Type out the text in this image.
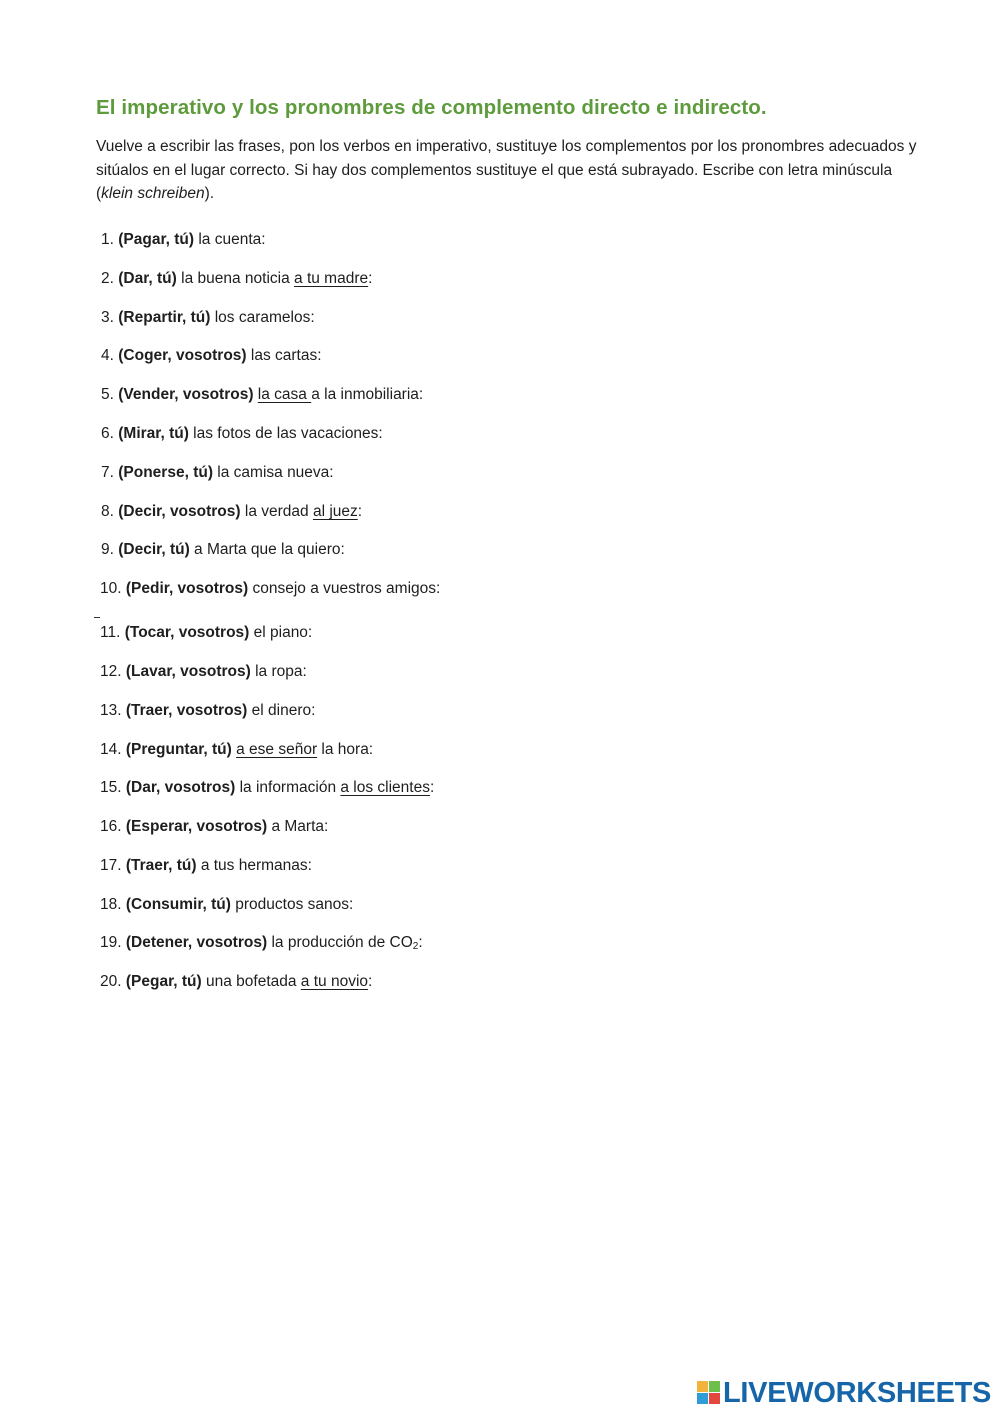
El imperativo y los pronombres de complemento directo e indirecto.
Vuelve a escribir las frases, pon los verbos en imperativo, sustituye los complementos por los pronombres adecuados y sitúalos en el lugar correcto. Si hay dos complementos sustituye el que está subrayado. Escribe con letra minúscula (klein schreiben).
1. (Pagar, tú) la cuenta:
2. (Dar, tú) la buena noticia a tu madre:
3. (Repartir, tú) los caramelos:
4. (Coger, vosotros) las cartas:
5. (Vender, vosotros) la casa a la inmobiliaria:
6. (Mirar, tú) las fotos de las vacaciones:
7. (Ponerse, tú) la camisa nueva:
8. (Decir, vosotros) la verdad al juez:
9. (Decir, tú) a Marta que la quiero:
10. (Pedir, vosotros) consejo a vuestros amigos:
11. (Tocar, vosotros) el piano:
12. (Lavar, vosotros) la ropa:
13. (Traer, vosotros) el dinero:
14. (Preguntar, tú) a ese señor la hora:
15. (Dar, vosotros) la información a los clientes:
16. (Esperar, vosotros) a Marta:
17. (Traer, tú) a tus hermanas:
18. (Consumir, tú) productos sanos:
19. (Detener, vosotros) la producción de $CO_2$:
20. (Pegar, tú) una bofetada a tu novio:
LIVEWORKSHEETS
